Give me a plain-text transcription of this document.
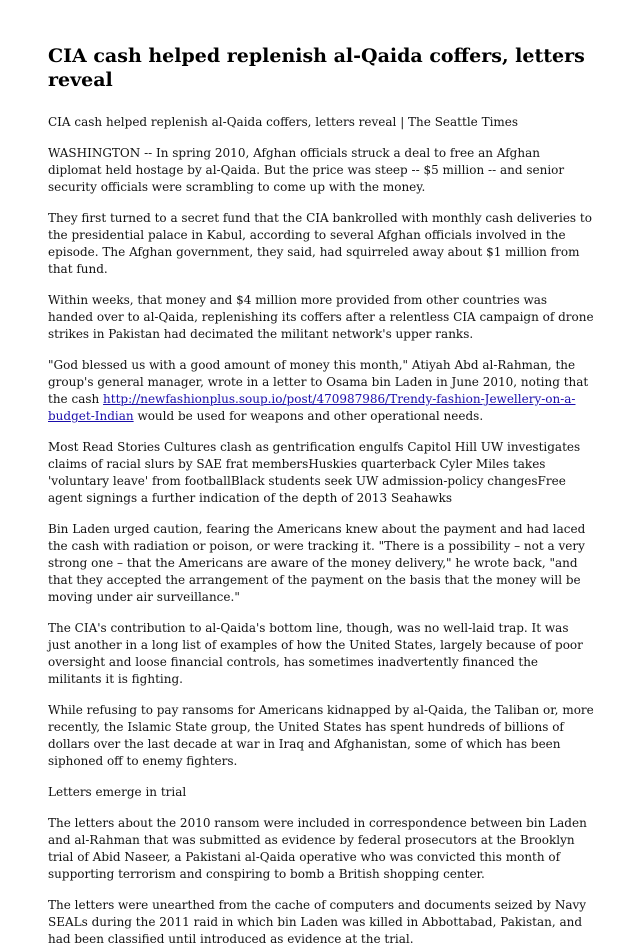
CIA cash helped replenish al-Qaida coffers, letters reveal

CIA cash helped replenish al-Qaida coffers, letters reveal | The Seattle Times

WASHINGTON -- In spring 2010, Afghan officials struck a deal to free an Afghan diplomat held hostage by al-Qaida. But the price was steep -- $5 million -- and senior security officials were scrambling to come up with the money.

They first turned to a secret fund that the CIA bankrolled with monthly cash deliveries to the presidential palace in Kabul, according to several Afghan officials involved in the episode. The Afghan government, they said, had squirreled away about $1 million from that fund.

Within weeks, that money and $4 million more provided from other countries was handed over to al-Qaida, replenishing its coffers after a relentless CIA campaign of drone strikes in Pakistan had decimated the militant network's upper ranks.

"God blessed us with a good amount of money this month," Atiyah Abd al-Rahman, the group's general manager, wrote in a letter to Osama bin Laden in June 2010, noting that the cash http://newfashionplus.soup.io/post/470987986/Trendy-fashion-Jewellery-on-a-budget-Indian would be used for weapons and other operational needs.

Most Read Stories Cultures clash as gentrification engulfs Capitol Hill UW investigates claims of racial slurs by SAE frat membersHuskies quarterback Cyler Miles takes 'voluntary leave' from footballBlack students seek UW admission-policy changesFree agent signings a further indication of the depth of 2013 Seahawks

Bin Laden urged caution, fearing the Americans knew about the payment and had laced the cash with radiation or poison, or were tracking it. "There is a possibility – not a very strong one – that the Americans are aware of the money delivery," he wrote back, "and that they accepted the arrangement of the payment on the basis that the money will be moving under air surveillance."

The CIA's contribution to al-Qaida's bottom line, though, was no well-laid trap. It was just another in a long list of examples of how the United States, largely because of poor oversight and loose financial controls, has sometimes inadvertently financed the militants it is fighting.

While refusing to pay ransoms for Americans kidnapped by al-Qaida, the Taliban or, more recently, the Islamic State group, the United States has spent hundreds of billions of dollars over the last decade at war in Iraq and Afghanistan, some of which has been siphoned off to enemy fighters.

Letters emerge in trial

The letters about the 2010 ransom were included in correspondence between bin Laden and al-Rahman that was submitted as evidence by federal prosecutors at the Brooklyn trial of Abid Naseer, a Pakistani al-Qaida operative who was convicted this month of supporting terrorism and conspiring to bomb a British shopping center.

The letters were unearthed from the cache of computers and documents seized by Navy SEALs during the 2011 raid in which bin Laden was killed in Abbottabad, Pakistan, and had been classified until introduced as evidence at the trial.
